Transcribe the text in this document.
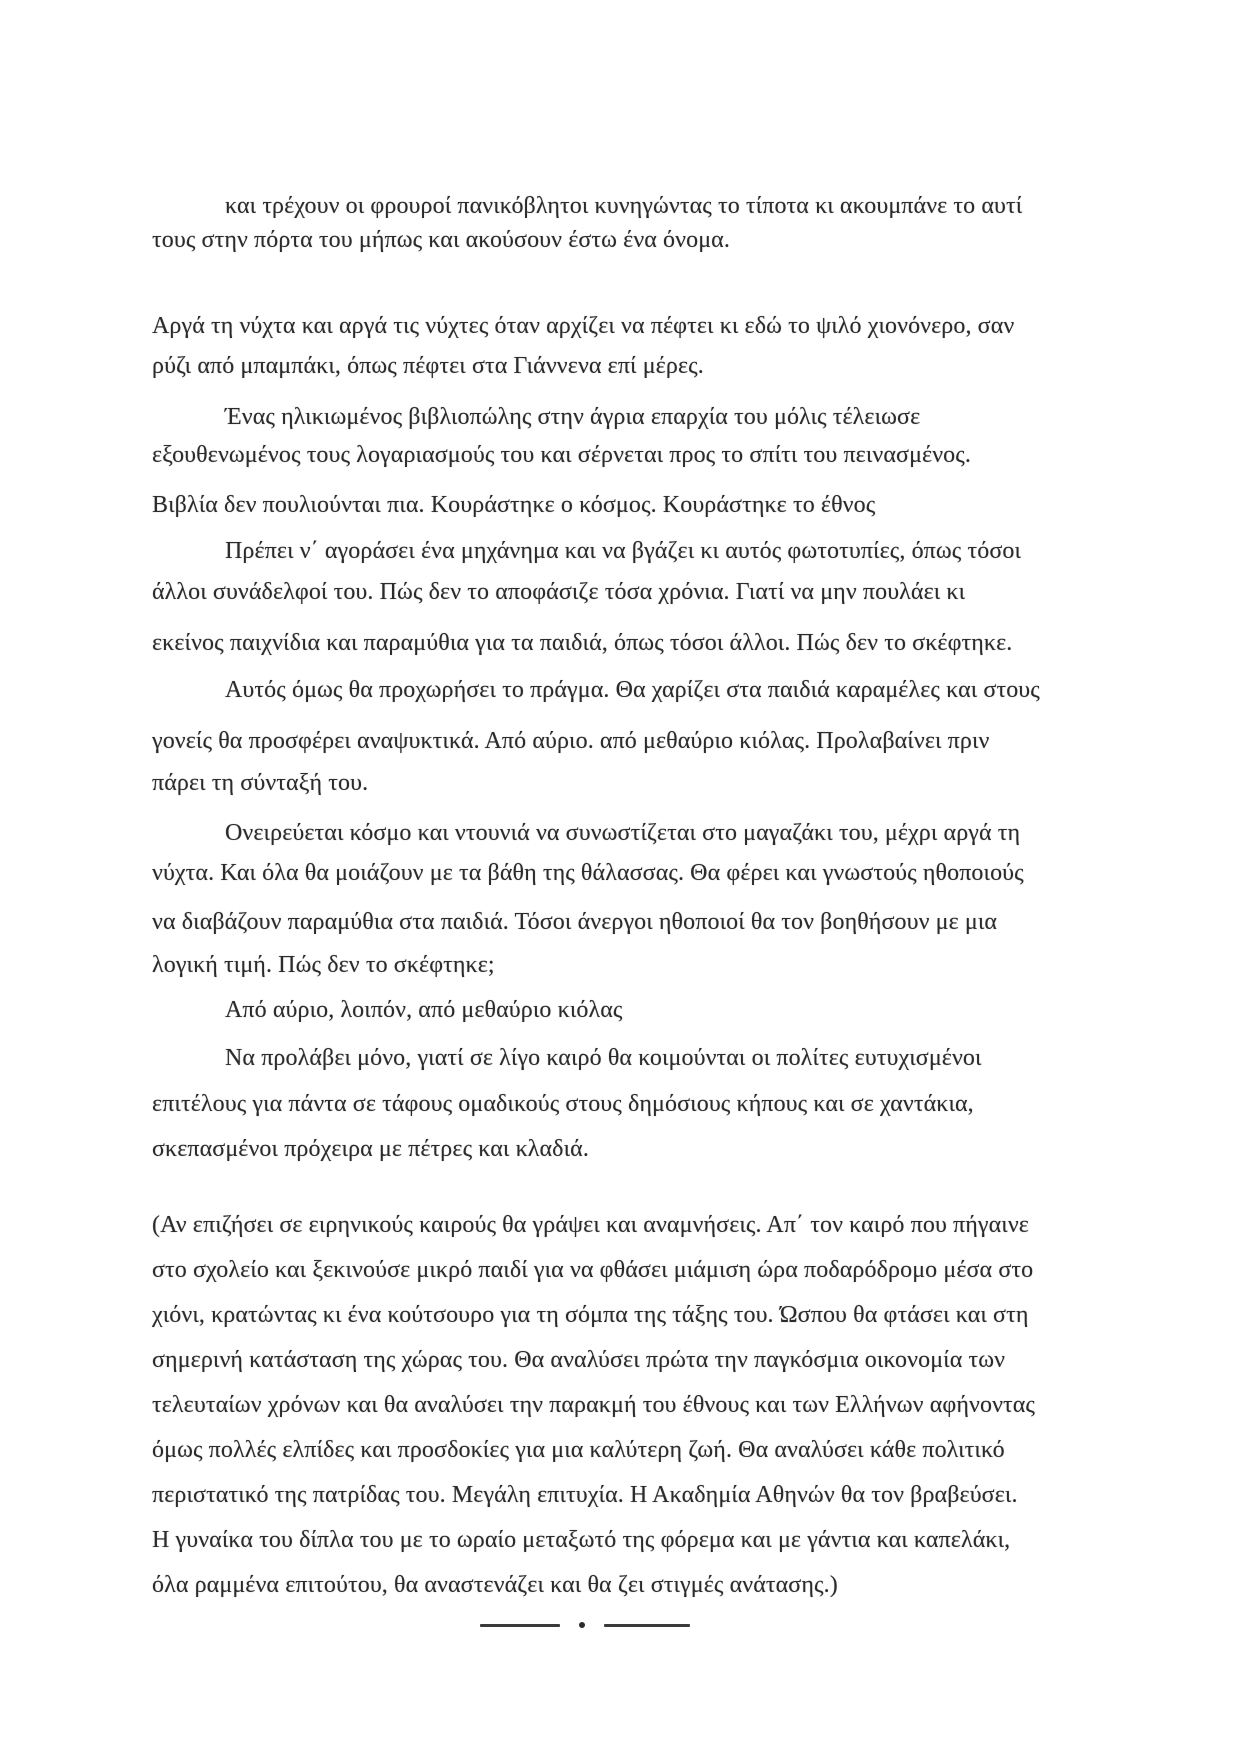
και τρέχουν οι φρουροί πανικόβλητοι κυνηγώντας το τίποτα κι ακουμπάνε το αυτί
τους στην πόρτα του μήπως και ακούσουν έστω ένα όνομα.
Αργά τη νύχτα και αργά τις νύχτες όταν αρχίζει να πέφτει κι εδώ το ψιλό χιονόνερο, σαν
ρύζι από μπαμπάκι, όπως πέφτει στα Γιάννενα επί μέρες.
Ένας ηλικιωμένος βιβλιοπώλης στην άγρια επαρχία του μόλις τέλειωσε
εξουθενωμένος τους λογαριασμούς του και σέρνεται προς το σπίτι του πεινασμένος.
Βιβλία δεν πουλιούνται πια. Κουράστηκε ο κόσμος. Κουράστηκε το έθνος
Πρέπει ν΄ αγοράσει ένα μηχάνημα και να βγάζει κι αυτός φωτοτυπίες, όπως τόσοι
άλλοι συνάδελφοί του. Πώς δεν το αποφάσιζε τόσα χρόνια. Γιατί να μην πουλάει κι
εκείνος παιχνίδια και παραμύθια για τα παιδιά, όπως τόσοι άλλοι. Πώς δεν το σκέφτηκε.
Αυτός όμως θα προχωρήσει το πράγμα. Θα χαρίζει στα παιδιά καραμέλες και στους
γονείς θα προσφέρει αναψυκτικά. Από αύριο. από μεθαύριο κιόλας. Προλαβαίνει πριν
πάρει τη σύνταξή του.
Ονειρεύεται κόσμο και ντουνιά να συνωστίζεται στο μαγαζάκι του, μέχρι αργά τη
νύχτα. Και όλα θα μοιάζουν με τα βάθη της θάλασσας. Θα φέρει και γνωστούς ηθοποιούς
να διαβάζουν παραμύθια στα παιδιά. Τόσοι άνεργοι ηθοποιοί θα τον βοηθήσουν με μια
λογική τιμή. Πώς δεν το σκέφτηκε;
Από αύριο, λοιπόν, από μεθαύριο κιόλας
Να προλάβει μόνο, γιατί σε λίγο καιρό θα κοιμούνται οι πολίτες ευτυχισμένοι
επιτέλους για πάντα σε τάφους ομαδικούς στους δημόσιους κήπους και σε χαντάκια,
σκεπασμένοι πρόχειρα με πέτρες και κλαδιά.
(Αν επιζήσει σε ειρηνικούς καιρούς θα γράψει και αναμνήσεις. Απ΄ τον καιρό που πήγαινε
στο σχολείο και ξεκινούσε μικρό παιδί για να φθάσει μιάμιση ώρα ποδαρόδρομο μέσα στο
χιόνι, κρατώντας κι ένα κούτσουρο για τη σόμπα της τάξης του. Ώσπου θα φτάσει και στη
σημερινή κατάσταση της χώρας του. Θα αναλύσει πρώτα την παγκόσμια οικονομία των
τελευταίων χρόνων και θα αναλύσει την παρακμή του έθνους και των Ελλήνων αφήνοντας
όμως πολλές ελπίδες και προσδοκίες για μια καλύτερη ζωή. Θα αναλύσει κάθε πολιτικό
περιστατικό της πατρίδας του. Μεγάλη επιτυχία. Η Ακαδημία Αθηνών θα τον βραβεύσει.
Η γυναίκα του δίπλα του με το ωραίο μεταξωτό της φόρεμα και με γάντια και καπελάκι,
όλα ραμμένα επιτούτου, θα αναστενάζει και θα ζει στιγμές ανάτασης.)
